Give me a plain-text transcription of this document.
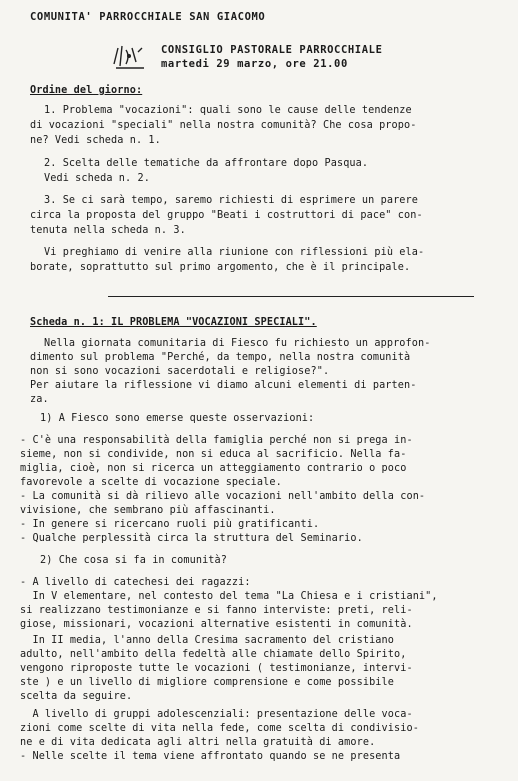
COMUNITA' PARROCCHIALE SAN GIACOMO
CONSIGLIO PASTORALE PARROCCHIALE
martedi 29 marzo, ore 21.00
Ordine del giorno:
1. Problema "vocazioni": quali sono le cause delle tendenze
di vocazioni "speciali" nella nostra comunità? Che cosa propo-
ne? Vedi scheda n. 1.
2. Scelta delle tematiche da affrontare dopo Pasqua.
Vedi scheda n. 2.
3. Se ci sarà tempo, saremo richiesti di esprimere un parere
circa la proposta del gruppo "Beati i costruttori di pace" con-
tenuta nella scheda n. 3.
Vi preghiamo di venire alla riunione con riflessioni più ela-
borate, soprattutto sul primo argomento, che è il principale.
Scheda n. 1: IL PROBLEMA "VOCAZIONI SPECIALI".
Nella giornata comunitaria di Fiesco fu richiesto un approfon-
dimento sul problema "Perché, da tempo, nella nostra comunità
non si sono vocazioni sacerdotali e religiose?".
Per aiutare la riflessione vi diamo alcuni elementi di parten-
za.
1) A Fiesco sono emerse queste osservazioni:
- C'è una responsabilità della famiglia perché non si prega in-
sieme, non si condivide, non si educa al sacrificio. Nella fa-
miglia, cioè, non si ricerca un atteggiamento contrario o poco
favorevole a scelte di vocazione speciale.
- La comunità si dà rilievo alle vocazioni nell'ambito della con-
vivisione, che sembrano più affascinanti.
- In genere si ricercano ruoli più gratificanti.
- Qualche perplessità circa la struttura del Seminario.
2) Che cosa si fa in comunità?
- A livello di catechesi dei ragazzi:
In V elementare, nel contesto del tema "La Chiesa e i cristiani",
si realizzano testimonianze e si fanno interviste: preti, reli-
giose, missionari, vocazioni alternative esistenti in comunità.
In II media, l'anno della Cresima sacramento del cristiano
adulto, nell'ambito della fedeltà alle chiamate dello Spirito,
vengono riproposte tutte le vocazioni ( testimonianze, intervi-
ste ) e un livello di migliore comprensione e come possibile
scelta da seguire.
A livello di gruppi adolescenziali: presentazione delle voca-
zioni come scelte di vita nella fede, come scelta di condivisio-
ne e di vita dedicata agli altri nella gratuità di amore.
- Nelle scelte il tema viene affrontato quando se ne presenta
